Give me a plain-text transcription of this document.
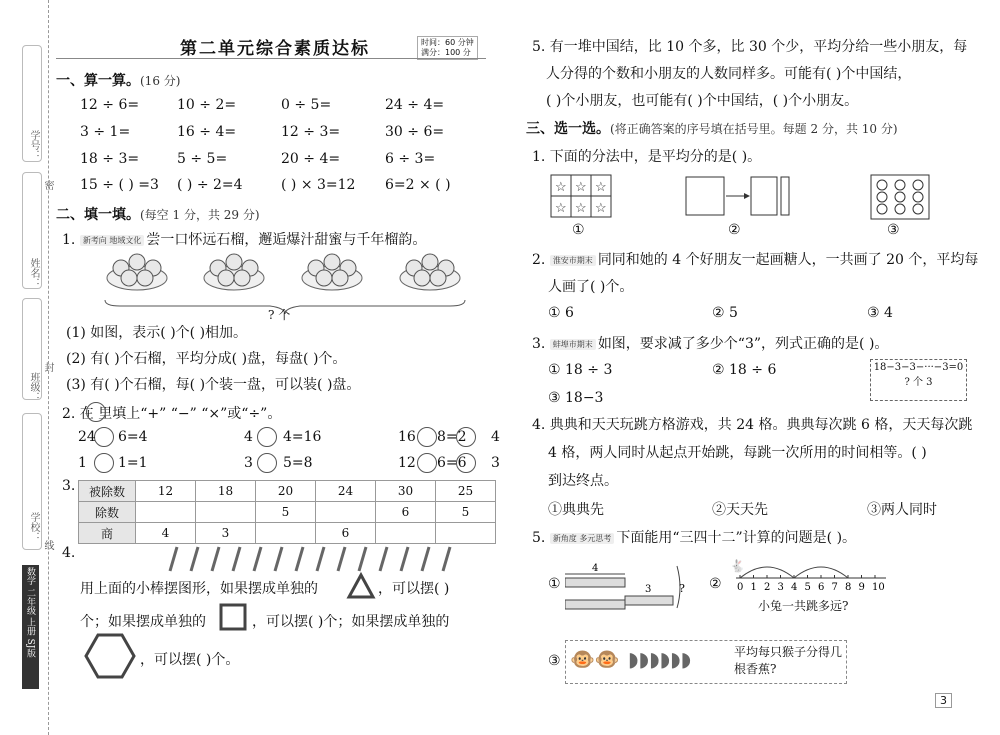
学号：
姓名：
班级：
学校：
密
封
线
数学 二年级 上册 SJ版
第二单元综合素质达标	时间：60 分钟
满分：100 分
一、算一算。(16 分)
12 ÷ 6=	10 ÷ 2=	0 ÷ 5=	24 ÷ 4=
3 ÷ 1=	16 ÷ 4=	12 ÷ 3=	30 ÷ 6=
18 ÷ 3=	5 ÷ 5=	20 ÷ 4=	6 ÷ 3=
15 ÷ ( ) =3 ( ) ÷ 2=4	( ) × 3=12 6=2 × ( )
二、填一填。(每空 1 分，共 29 分)
1. 新考向 地域文化 尝一口怀远石榴，邂逅爆汁甜蜜与千年榴韵。
? 个
(1) 如图，表示( )个( )相加。
(2) 有( )个石榴，平均分成( )盘，每盘( )个。
(3) 有( )个石榴，每( )个装一盘，可以装( )盘。
2. 在 里填上“+” “−” “×”或“÷”。
24 6=4	4 4=16	16 8=2 4
1 1=1	3 5=8	12 6=6 3
3. 被除数	12	18	20	24	30	25
除数			5		6	5
商	4	3		6		
4.
用上面的小棒摆图形，如果摆成单独的	，可以摆( )
个；如果摆成单独的	，可以摆( )个；如果摆成单独的
，可以摆( )个。
5. 有一堆中国结，比 10 个多，比 30 个少，平均分给一些小朋友，每
人分得的个数和小朋友的人数同样多。可能有( )个中国结，
( )个小朋友，也可能有( )个中国结，( )个小朋友。
三、选一选。(将正确答案的序号填在括号里。每题 2 分，共 10 分)
1. 下面的分法中，是平均分的是( )。
☆ ☆ ☆
☆ ☆ ☆
①	②	③
2. 淮安市期末 同同和她的 4 个好朋友一起画糖人，一共画了 20 个，平均每
人画了( )个。
① 6	② 5	③ 4
3. 蚌埠市期末 如图，要求减了多少个“3”，列式正确的是( )。
① 18 ÷ 3	② 18 ÷ 6
③ 18−3
18−3−3−···−3=0
? 个 3
4. 典典和天天玩跳方格游戏，共 24 格。典典每次跳 6 格，天天每次跳
4 格，两人同时从起点开始跳，每跳一次所用的时间相等。( )
到达终点。
①典典先	②天天先	③两人同时
5. 新角度 多元思考 下面能用“三四十二”计算的问题是( )。
①
4
3	? ② 0 1 2 3 4 5 6 7 8 9 10
🐇
小兔一共跳多远?
③ 🐵🐵 ◗◗◗◗◗◗	平均每只猴子分得几根香蕉?
3
